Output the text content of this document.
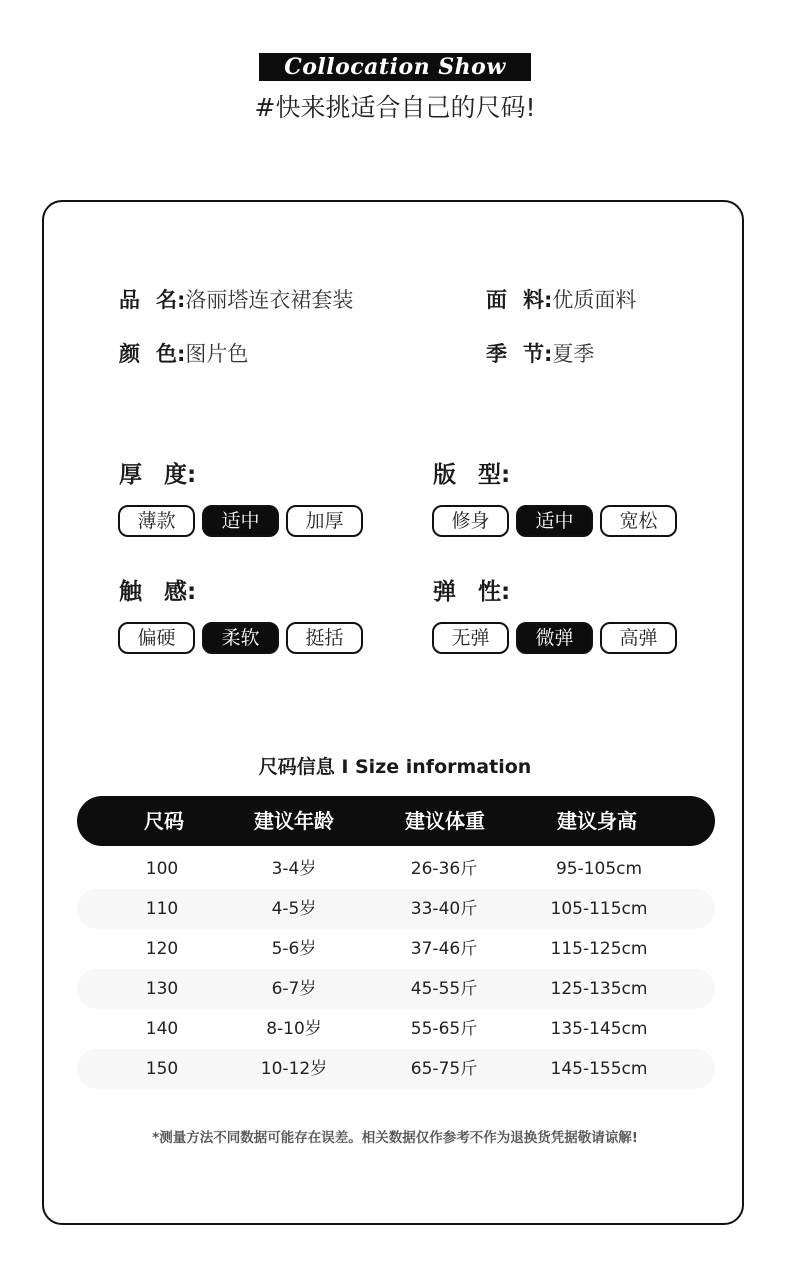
Collocation Show
#快来挑适合自己的尺码!
品 名:洛丽塔连衣裙套装	面 料:优质面料
颜 色:图片色	季 节:夏季
厚 度:
薄款	适中	加厚
版 型:
修身	适中	宽松
触 感:
偏硬	柔软	挺括
弹 性:
无弹	微弹	高弹
尺码信息 I Size information
尺码	建议年龄	建议体重	建议身高
100	3-4岁	26-36斤	95-105cm
110	4-5岁	33-40斤	105-115cm
120	5-6岁	37-46斤	115-125cm
130	6-7岁	45-55斤	125-135cm
140	8-10岁	55-65斤	135-145cm
150	10-12岁	65-75斤	145-155cm
*测量方法不同数据可能存在误差。相关数据仅作参考不作为退换货凭据敬请谅解!
